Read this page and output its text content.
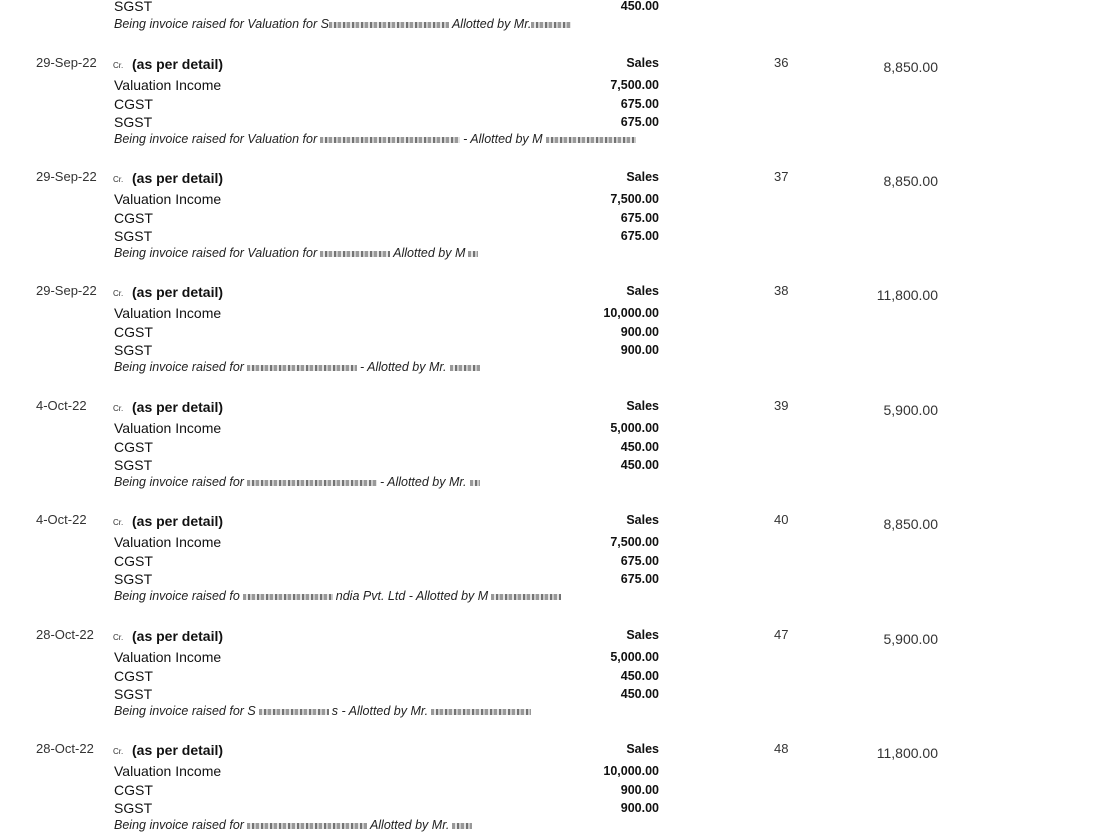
SGST	450.00
Being invoice raised for Valuation for S	Allotted by Mr.
29-Sep-22 Cr. (as per detail)	Sales	36	8,850.00
Valuation Income	7,500.00
CGST	675.00
SGST	675.00
Being invoice raised for Valuation for	- Allotted by M
29-Sep-22 Cr. (as per detail)	Sales	37	8,850.00
Valuation Income	7,500.00
CGST	675.00
SGST	675.00
Being invoice raised for Valuation for	Allotted by M
29-Sep-22 Cr. (as per detail)	Sales	38	11,800.00
Valuation Income	10,000.00
CGST	900.00
SGST	900.00
Being invoice raised for	- Allotted by Mr.
4-Oct-22	Cr. (as per detail)	Sales	39	5,900.00
Valuation Income	5,000.00
CGST	450.00
SGST	450.00
Being invoice raised for	- Allotted by Mr.
4-Oct-22	Cr. (as per detail)	Sales	40	8,850.00
Valuation Income	7,500.00
CGST	675.00
SGST	675.00
Being invoice raised fo	ndia Pvt. Ltd - Allotted by M
28-Oct-22 Cr. (as per detail)	Sales	47	5,900.00
Valuation Income	5,000.00
CGST	450.00
SGST	450.00
Being invoice raised for S	s - Allotted by Mr.
28-Oct-22 Cr. (as per detail)	Sales	48	11,800.00
Valuation Income	10,000.00
CGST	900.00
SGST	900.00
Being invoice raised for	Allotted by Mr.
